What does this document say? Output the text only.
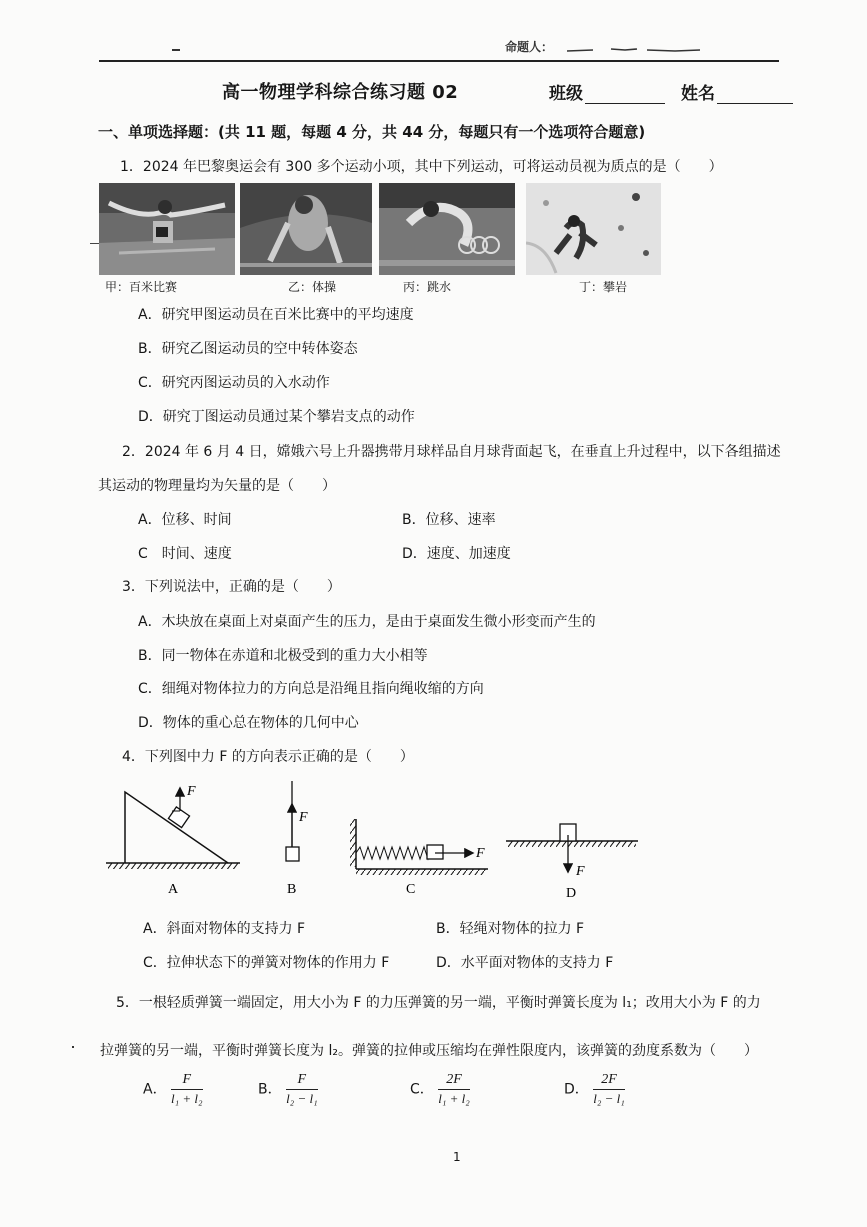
命题人：
高一物理学科综合练习题 02	班级	姓名
一、单项选择题：(共 11 题，每题 4 分，共 44 分，每题只有一个选项符合题意)
1．2024 年巴黎奥运会有 300 多个运动小项，其中下列运动，可将运动员视为质点的是（　　）
甲：百米比赛	乙：体操	丙：跳水	丁：攀岩
A．研究甲图运动员在百米比赛中的平均速度
B．研究乙图运动员的空中转体姿态
C．研究丙图运动员的入水动作
D．研究丁图运动员通过某个攀岩支点的动作
2．2024 年 6 月 4 日，嫦娥六号上升器携带月球样品自月球背面起飞，在垂直上升过程中，以下各组描述
其运动的物理量均为矢量的是（　　）
A．位移、时间	B．位移、速率
C　时间、速度	D．速度、加速度
3．下列说法中，正确的是（　　）
A．木块放在桌面上对桌面产生的压力，是由于桌面发生微小形变而产生的
B．同一物体在赤道和北极受到的重力大小相等
C．细绳对物体拉力的方向总是沿绳且指向绳收缩的方向
D．物体的重心总在物体的几何中心
4．下列图中力 F 的方向表示正确的是（　　）
F
F
F
F
A	B	C	D
A．斜面对物体的支持力 F	B．轻绳对物体的拉力 F
C．拉伸状态下的弹簧对物体的作用力 F	D．水平面对物体的支持力 F
5．一根轻质弹簧一端固定，用大小为 F 的力压弹簧的另一端，平衡时弹簧长度为 l₁；改用大小为 F 的力
拉弹簧的另一端，平衡时弹簧长度为 l₂。弹簧的拉伸或压缩均在弹性限度内，该弹簧的劲度系数为（　　）
A． $\frac{F}{\text{l₁ + l₂}}$	B． $\frac{F}{\text{l₂ − l₁}}$	C． $\frac{2F}{\text{l₁ + l₂}}$	D． $\frac{2F}{\text{l₂ − l₁}}$
1
